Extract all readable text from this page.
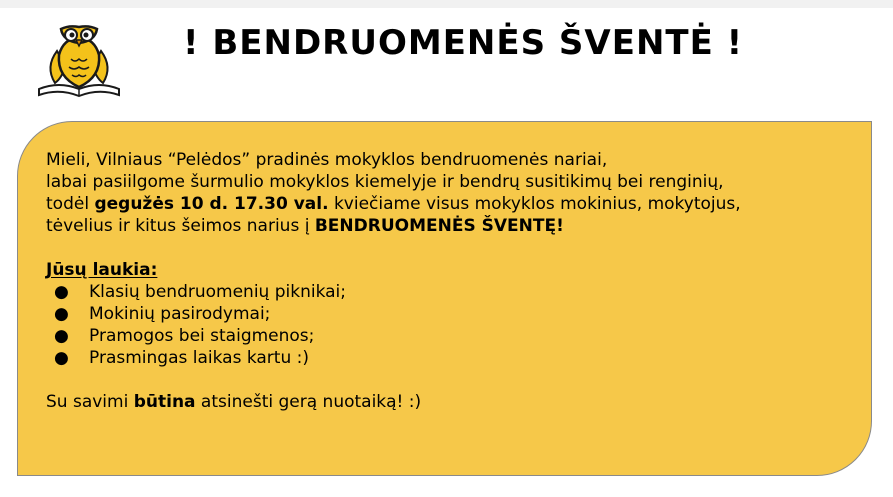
! BENDRUOMENĖS ŠVENTĖ !

Mieli, Vilniaus “Pelėdos” pradinės mokyklos bendruomenės nariai,

labai pasiilgome šurmulio mokyklos kiemelyje ir bendrų susitikimų bei renginių,

todėl gegužės 10 d. 17.30 val. kviečiame visus mokyklos mokinius, mokytojus,

tėvelius ir kitus šeimos narius į BENDRUOMENĖS ŠVENTĘ!

Jūsų laukia:

● Klasių bendruomenių piknikai;
● Mokinių pasirodymai;
● Pramogos bei staigmenos;
● Prasmingas laikas kartu :)

Su savimi būtina atsinešti gerą nuotaiką! :)
